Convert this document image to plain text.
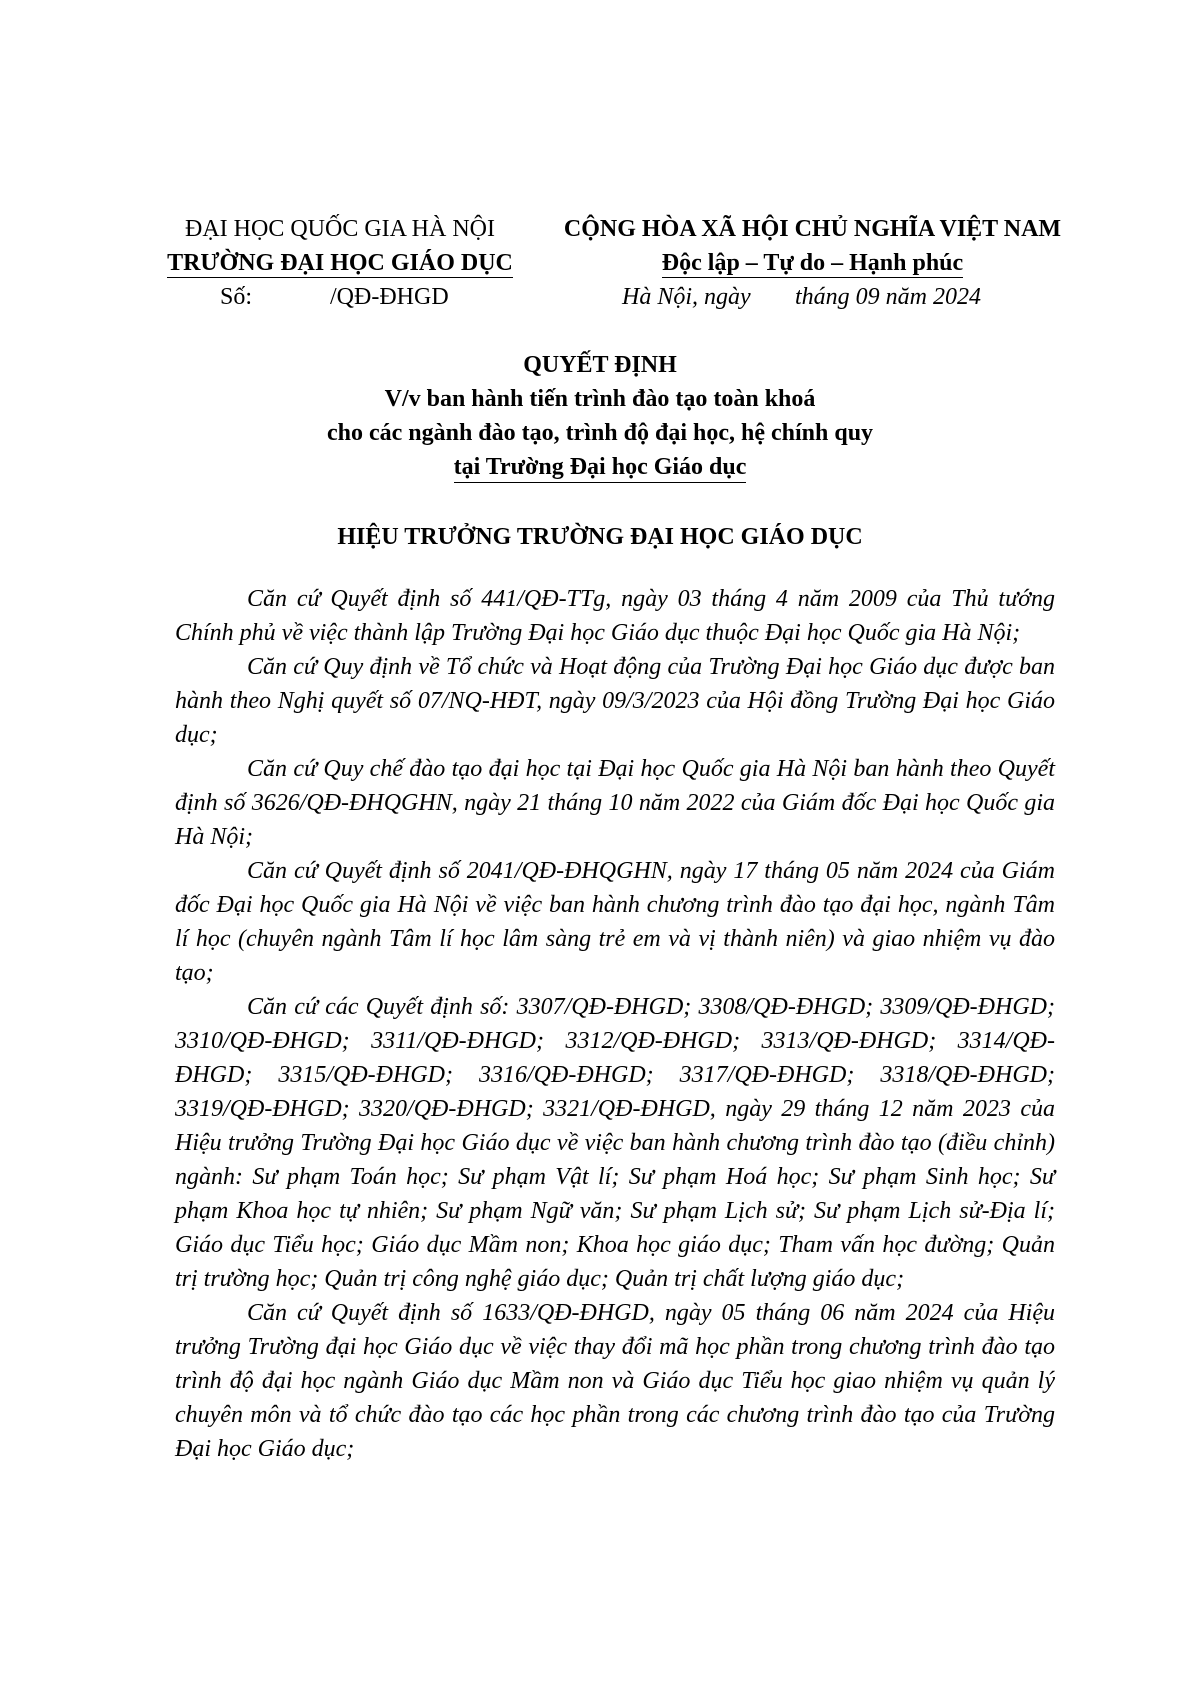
ĐẠI HỌC QUỐC GIA HÀ NỘI
TRƯỜNG ĐẠI HỌC GIÁO DỤC
Số:	/QĐ-ĐHGD
CỘNG HÒA XÃ HỘI CHỦ NGHĨA VIỆT NAM
Độc lập – Tự do – Hạnh phúc
Hà Nội, ngày tháng 09 năm 2024
QUYẾT ĐỊNH
V/v ban hành tiến trình đào tạo toàn khoá
cho các ngành đào tạo, trình độ đại học, hệ chính quy
tại Trường Đại học Giáo dục
HIỆU TRƯỞNG TRƯỜNG ĐẠI HỌC GIÁO DỤC

Căn cứ Quyết định số 441/QĐ-TTg, ngày 03 tháng 4 năm 2009 của Thủ tướng Chính phủ về việc thành lập Trường Đại học Giáo dục thuộc Đại học Quốc gia Hà Nội;

Căn cứ Quy định về Tổ chức và Hoạt động của Trường Đại học Giáo dục được ban hành theo Nghị quyết số 07/NQ-HĐT, ngày 09/3/2023 của Hội đồng Trường Đại học Giáo dục;

Căn cứ Quy chế đào tạo đại học tại Đại học Quốc gia Hà Nội ban hành theo Quyết định số 3626/QĐ-ĐHQGHN, ngày 21 tháng 10 năm 2022 của Giám đốc Đại học Quốc gia Hà Nội;

Căn cứ Quyết định số 2041/QĐ-ĐHQGHN, ngày 17 tháng 05 năm 2024 của Giám đốc Đại học Quốc gia Hà Nội về việc ban hành chương trình đào tạo đại học, ngành Tâm lí học (chuyên ngành Tâm lí học lâm sàng trẻ em và vị thành niên) và giao nhiệm vụ đào tạo;

Căn cứ các Quyết định số: 3307/QĐ-ĐHGD; 3308/QĐ-ĐHGD; 3309/QĐ-ĐHGD; 3310/QĐ-ĐHGD; 3311/QĐ-ĐHGD; 3312/QĐ-ĐHGD; 3313/QĐ-ĐHGD; 3314/QĐ-ĐHGD; 3315/QĐ-ĐHGD; 3316/QĐ-ĐHGD; 3317/QĐ-ĐHGD; 3318/QĐ-ĐHGD; 3319/QĐ-ĐHGD; 3320/QĐ-ĐHGD; 3321/QĐ-ĐHGD, ngày 29 tháng 12 năm 2023 của Hiệu trưởng Trường Đại học Giáo dục về việc ban hành chương trình đào tạo (điều chỉnh) ngành: Sư phạm Toán học; Sư phạm Vật lí; Sư phạm Hoá học; Sư phạm Sinh học; Sư phạm Khoa học tự nhiên; Sư phạm Ngữ văn; Sư phạm Lịch sử; Sư phạm Lịch sử-Địa lí; Giáo dục Tiểu học; Giáo dục Mầm non; Khoa học giáo dục; Tham vấn học đường; Quản trị trường học; Quản trị công nghệ giáo dục; Quản trị chất lượng giáo dục;

Căn cứ Quyết định số 1633/QĐ-ĐHGD, ngày 05 tháng 06 năm 2024 của Hiệu trưởng Trường đại học Giáo dục về việc thay đổi mã học phần trong chương trình đào tạo trình độ đại học ngành Giáo dục Mầm non và Giáo dục Tiểu học giao nhiệm vụ quản lý chuyên môn và tổ chức đào tạo các học phần trong các chương trình đào tạo của Trường Đại học Giáo dục;
